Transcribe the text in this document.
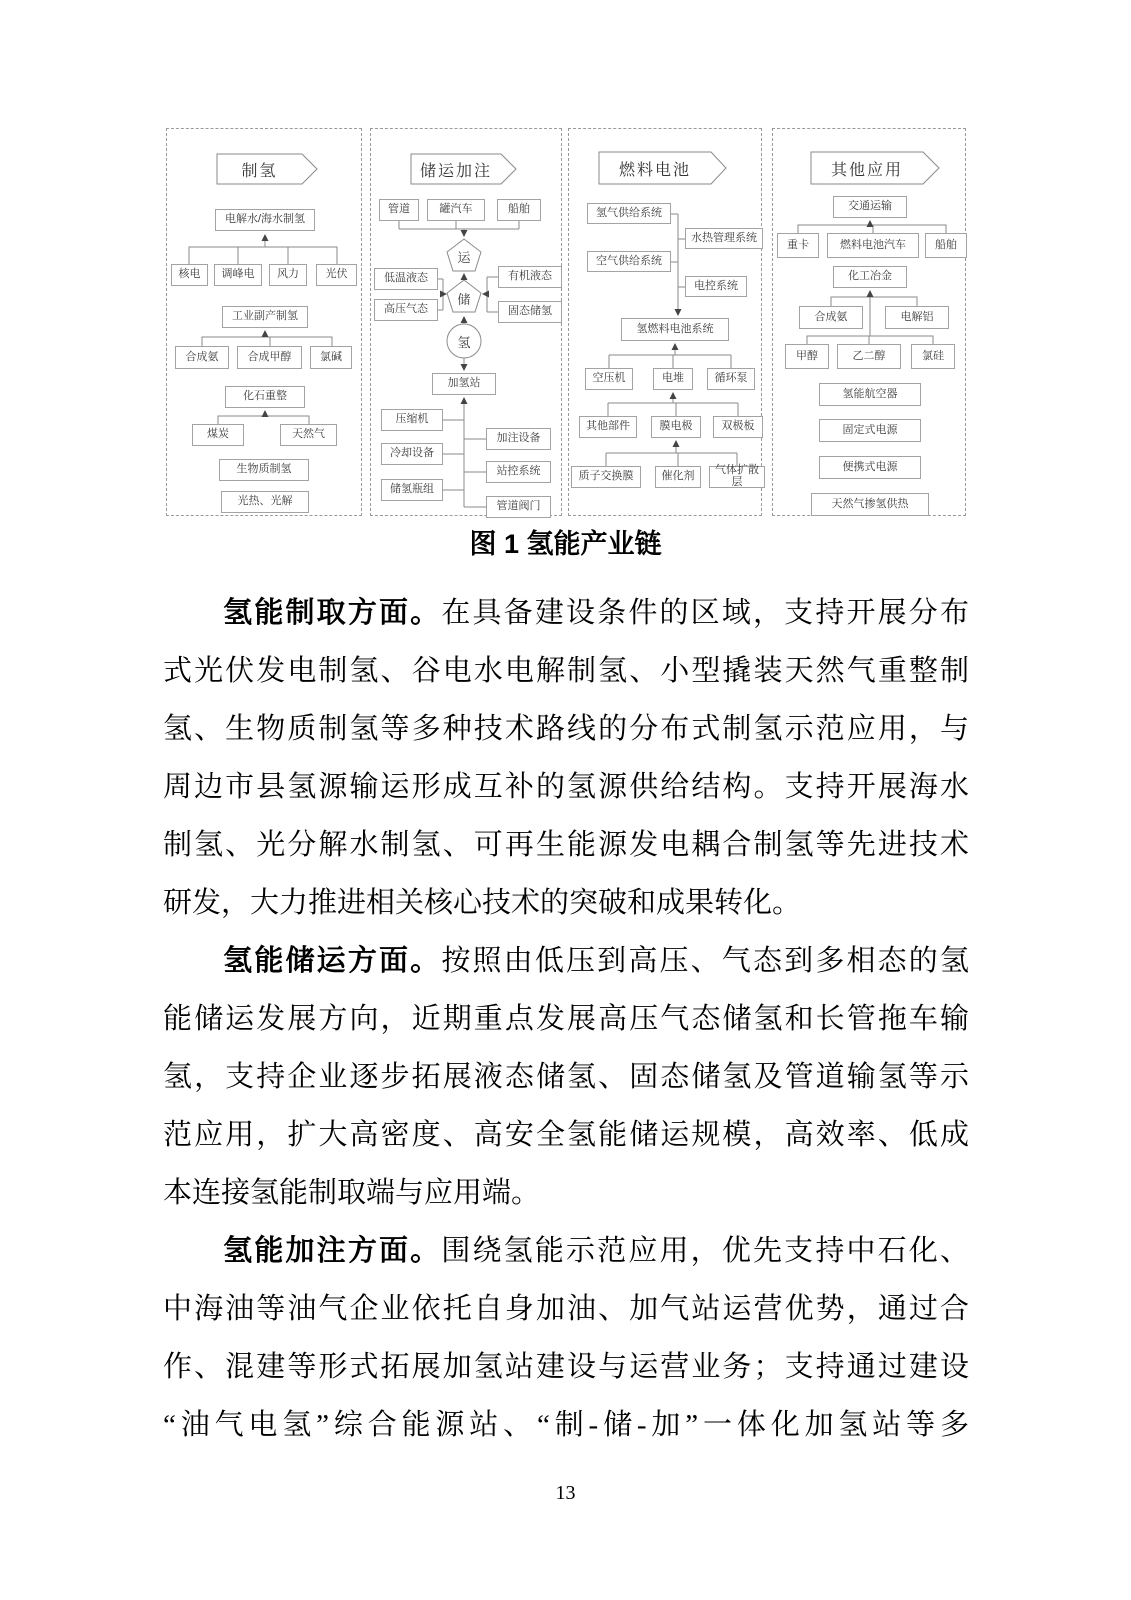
制氢
电解水/海水制氢
核电	调峰电	风力	光伏
工业副产制氢
合成氨	合成甲醇	氯碱
化石重整
煤炭	天然气
生物质制氢
光热、光解
储运加注
管道	罐汽车	船舶
运
储
氢
低温液态
高压气态
有机液态
固态储氢
加氢站
压缩机
冷却设备
储氢瓶组
加注设备
站控系统
管道阀门
燃料电池
氢气供给系统
水热管理系统
空气供给系统
电控系统
氢燃料电池系统
空压机	电堆	循环泵
其他部件	膜电极	双极板
质子交换膜	催化剂	气体扩散层
其他应用
交通运输
重卡	燃料电池汽车	船舶
化工冶金
合成氨	电解铝
甲醇	乙二醇	氯硅
氢能航空器
固定式电源
便携式电源
天然气掺氢供热
图 1 氢能产业链
氢能制取方面。在具备建设条件的区域，支持开展分布
式光伏发电制氢、谷电水电解制氢、小型撬装天然气重整制
氢、生物质制氢等多种技术路线的分布式制氢示范应用，与
周边市县氢源输运形成互补的氢源供给结构。支持开展海水
制氢、光分解水制氢、可再生能源发电耦合制氢等先进技术
研发，大力推进相关核心技术的突破和成果转化。
氢能储运方面。按照由低压到高压、气态到多相态的氢
能储运发展方向，近期重点发展高压气态储氢和长管拖车输
氢，支持企业逐步拓展液态储氢、固态储氢及管道输氢等示
范应用，扩大高密度、高安全氢能储运规模，高效率、低成
本连接氢能制取端与应用端。
氢能加注方面。围绕氢能示范应用，优先支持中石化、
中海油等油气企业依托自身加油、加气站运营优势，通过合
作、混建等形式拓展加氢站建设与运营业务；支持通过建设
“油气电氢”综合能源站、“制-储-加”一体化加氢站等多
13
